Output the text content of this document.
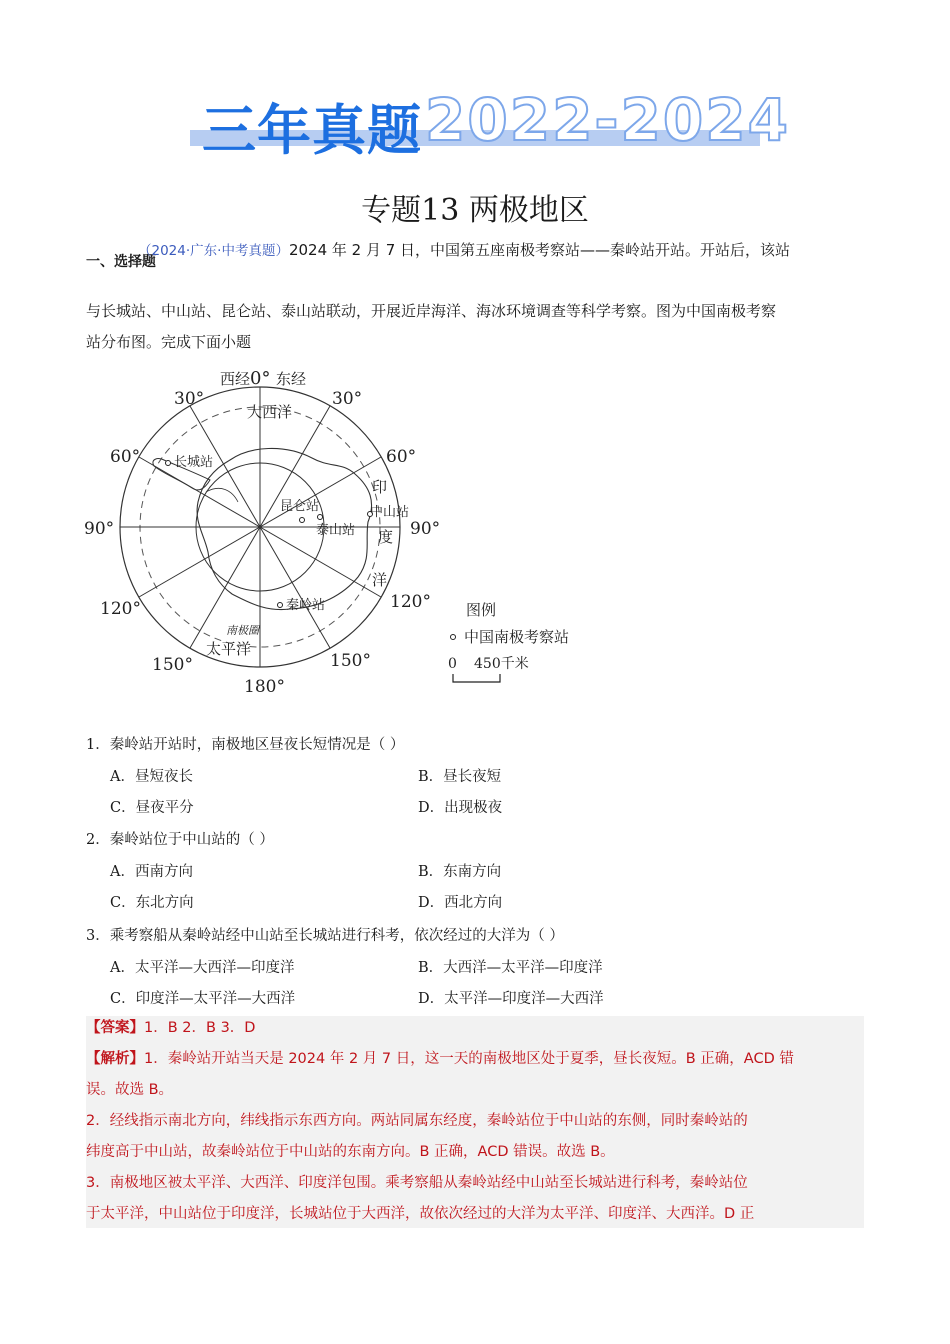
三年真题 2022-2024
专题13 两极地区
一、选择题
（2024·广东·中考真题）2024 年 2 月 7 日，中国第五座南极考察站——秦岭站开站。开站后，该站
与长城站、中山站、昆仑站、泰山站联动，开展近岸海洋、海冰环境调查等科学考察。图为中国南极考察
站分布图。完成下面小题
西经 0° 东经
30°	30°
60°	60°
90°	90°
120°	120°
150°	150°
180°
大西洋
太平洋
印
度
洋
南极圈
长城站
昆仑站	中山站
泰山站
秦岭站	图例
中国南极考察站
0 450千米
1．秦岭站开站时，南极地区昼夜长短情况是（ ）
A．昼短夜长	B．昼长夜短
C．昼夜平分	D．出现极夜
2．秦岭站位于中山站的（ ）
A．西南方向	B．东南方向
C．东北方向	D．西北方向
3．乘考察船从秦岭站经中山站至长城站进行科考，依次经过的大洋为（ ）
A．太平洋—大西洋—印度洋	B．大西洋—太平洋—印度洋
C．印度洋—太平洋—大西洋	D．太平洋—印度洋—大西洋
【答案】1．B 2．B 3．D
【解析】1．秦岭站开站当天是 2024 年 2 月 7 日，这一天的南极地区处于夏季，昼长夜短。B 正确，ACD 错
误。故选 B。
2．经线指示南北方向，纬线指示东西方向。两站同属东经度，秦岭站位于中山站的东侧，同时秦岭站的
纬度高于中山站，故秦岭站位于中山站的东南方向。B 正确，ACD 错误。故选 B。
3．南极地区被太平洋、大西洋、印度洋包围。乘考察船从秦岭站经中山站至长城站进行科考，秦岭站位
于太平洋，中山站位于印度洋，长城站位于大西洋，故依次经过的大洋为太平洋、印度洋、大西洋。D 正
